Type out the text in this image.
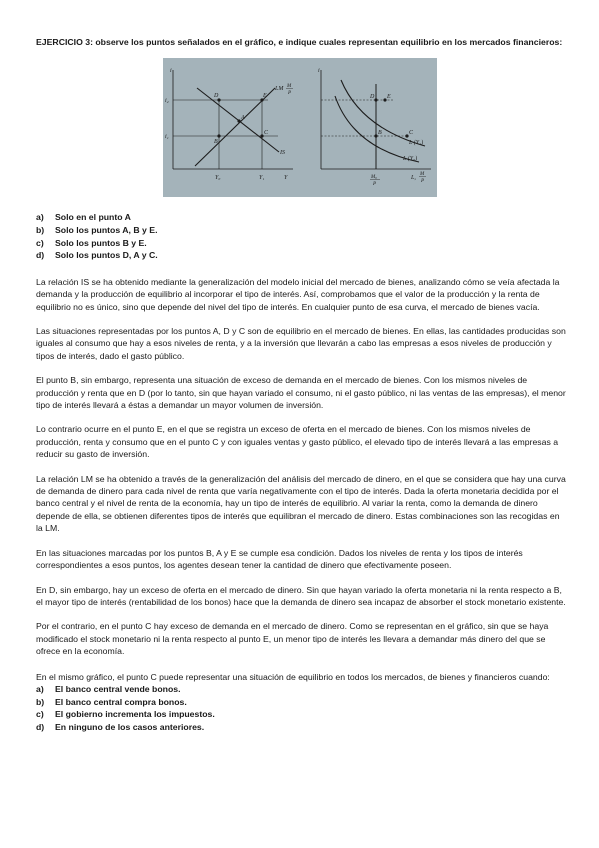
EJERCICIO 3: observe los puntos señalados en el gráfico, e indique cuales representan equilibrio en los mercados financieros:

i
Y
i₂
i₁
Y₀	Y₁
LM M
P
IS
D	E
A
B
C
i
L,
M
P
M₀
P
L (Y₁)
L (Y₀)
D E
B	C
a)	Solo en el punto A
b)	Solo los puntos A, B y E.
c)	Solo los puntos B y E.
d)	Solo los puntos D, A y C.

La relación IS se ha obtenido mediante la generalización del modelo inicial del mercado de bienes, analizando cómo se veía afectada la demanda y la producción de equilibrio al incorporar el tipo de interés. Así, comprobamos que el valor de la producción y la renta de equilibrio no es único, sino que depende del nivel del tipo de interés. En cualquier punto de esa curva, el mercado de bienes vacía.

Las situaciones representadas por los puntos A, D y C son de equilibrio en el mercado de bienes. En ellas, las cantidades producidas son iguales al consumo que hay a esos niveles de renta, y a la inversión que llevarán a cabo las empresas a esos niveles de producción y tipos de interés, dado el gasto público.

El punto B, sin embargo, representa una situación de exceso de demanda en el mercado de bienes. Con los mismos niveles de producción y renta que en D (por lo tanto, sin que hayan variado el consumo, ni el gasto público, ni las ventas de las empresas), el menor tipo de interés llevará a éstas a demandar un mayor volumen de inversión.

Lo contrario ocurre en el punto E, en el que se registra un exceso de oferta en el mercado de bienes. Con los mismos niveles de producción, renta y consumo que en el punto C y con iguales ventas y gasto público, el elevado tipo de interés llevará a las empresas a reducir su gasto de inversión.

La relación LM se ha obtenido a través de la generalización del análisis del mercado de dinero, en el que se considera que hay una curva de demanda de dinero para cada nivel de renta que varía negativamente con el tipo de interés. Dada la oferta monetaria decidida por el banco central y el nivel de renta de la economía, hay un tipo de interés de equilibrio. Al variar la renta, como la demanda de dinero depende de ella, se obtienen diferentes tipos de interés que equilibran el mercado de dinero. Estas combinaciones son las recogidas en la LM.

En las situaciones marcadas por los puntos B, A y E se cumple esa condición. Dados los niveles de renta y los tipos de interés correspondientes a esos puntos, los agentes desean tener la cantidad de dinero que efectivamente poseen.

En D, sin embargo, hay un exceso de oferta en el mercado de dinero. Sin que hayan variado la oferta monetaria ni la renta respecto a B, el mayor tipo de interés (rentabilidad de los bonos) hace que la demanda de dinero sea incapaz de absorber el stock monetario existente.

Por el contrario, en el punto C hay exceso de demanda en el mercado de dinero. Como se representan en el gráfico, sin que se haya modificado el stock monetario ni la renta respecto al punto E, un menor tipo de interés les llevara a demandar más dinero del que se ofrece en la economía.

En el mismo gráfico, el punto C puede representar una situación de equilibrio en todos los mercados, de bienes y financieros cuando:

a)	El banco central vende bonos.
b)	El banco central compra bonos.
c)	El gobierno incrementa los impuestos.
d)	En ninguno de los casos anteriores.
